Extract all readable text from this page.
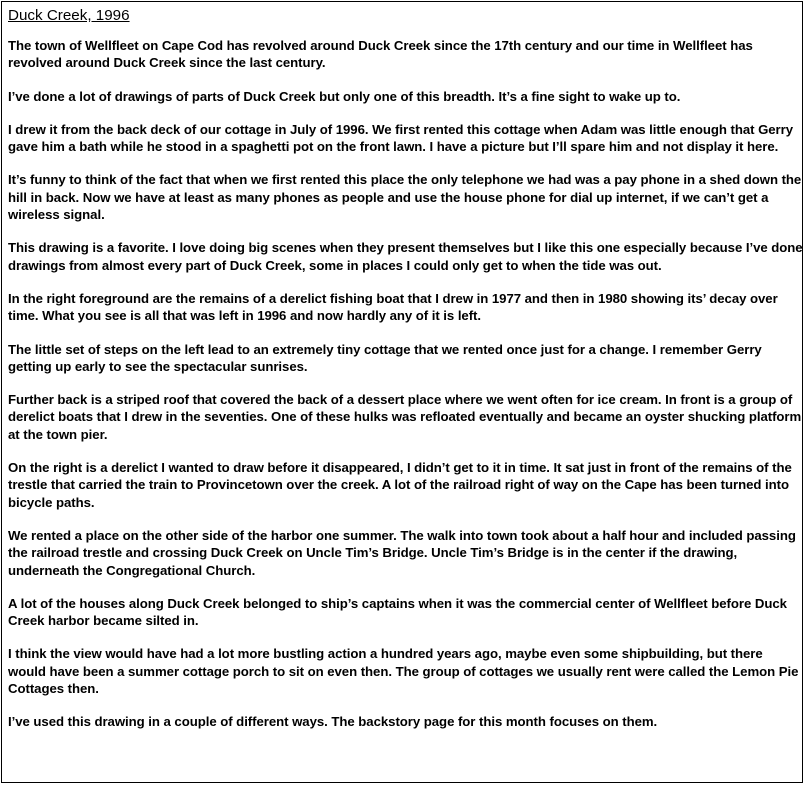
Duck Creek, 1996

The town of Wellfleet on Cape Cod has revolved around Duck Creek since the 17th century and our time in Wellfleet has revolved around Duck Creek since the last century.

I’ve done a lot of drawings of parts of Duck Creek but only one of this breadth. It’s a fine sight to wake up to.

I drew it from the back deck of our cottage in July of 1996. We first rented this cottage when Adam was little enough that Gerry gave him a bath while he stood in a spaghetti pot on the front lawn. I have a picture but I’ll spare him and not display it here.

It’s funny to think of the fact that when we first rented this place the only telephone we had was a pay phone in a shed down the hill in back. Now we have at least as many phones as people and use the house phone for dial up internet, if we can’t get a wireless signal.

This drawing is a favorite. I love doing big scenes when they present themselves but I like this one especially because I’ve done drawings from almost every part of Duck Creek, some in places I could only get to when the tide was out.

In the right foreground are the remains of a derelict fishing boat that I drew in 1977 and then in 1980 showing its’ decay over time. What you see is all that was left in 1996 and now hardly any of it is left.

The little set of steps on the left lead to an extremely tiny cottage that we rented once just for a change. I remember Gerry getting up early to see the spectacular sunrises.

Further back is a striped roof that covered the back of a dessert place where we went often for ice cream. In front is a group of derelict boats that I drew in the seventies. One of these hulks was refloated eventually and became an oyster shucking platform at the town pier.

On the right is a derelict I wanted to draw before it disappeared, I didn’t get to it in time. It sat just in front of the remains of the trestle that carried the train to Provincetown over the creek. A lot of the railroad right of way on the Cape has been turned into bicycle paths.

We rented a place on the other side of the harbor one summer. The walk into town took about a half hour and included passing the railroad trestle and crossing Duck Creek on Uncle Tim’s Bridge. Uncle Tim’s Bridge is in the center if the drawing, underneath the Congregational Church.

A lot of the houses along Duck Creek belonged to ship’s captains when it was the commercial center of Wellfleet before Duck Creek harbor became silted in.

I think the view would have had a lot more bustling action a hundred years ago, maybe even some shipbuilding, but there would have been a summer cottage porch to sit on even then. The group of cottages we usually rent were called the Lemon Pie Cottages then.

I’ve used this drawing in a couple of different ways. The backstory page for this month focuses on them.
